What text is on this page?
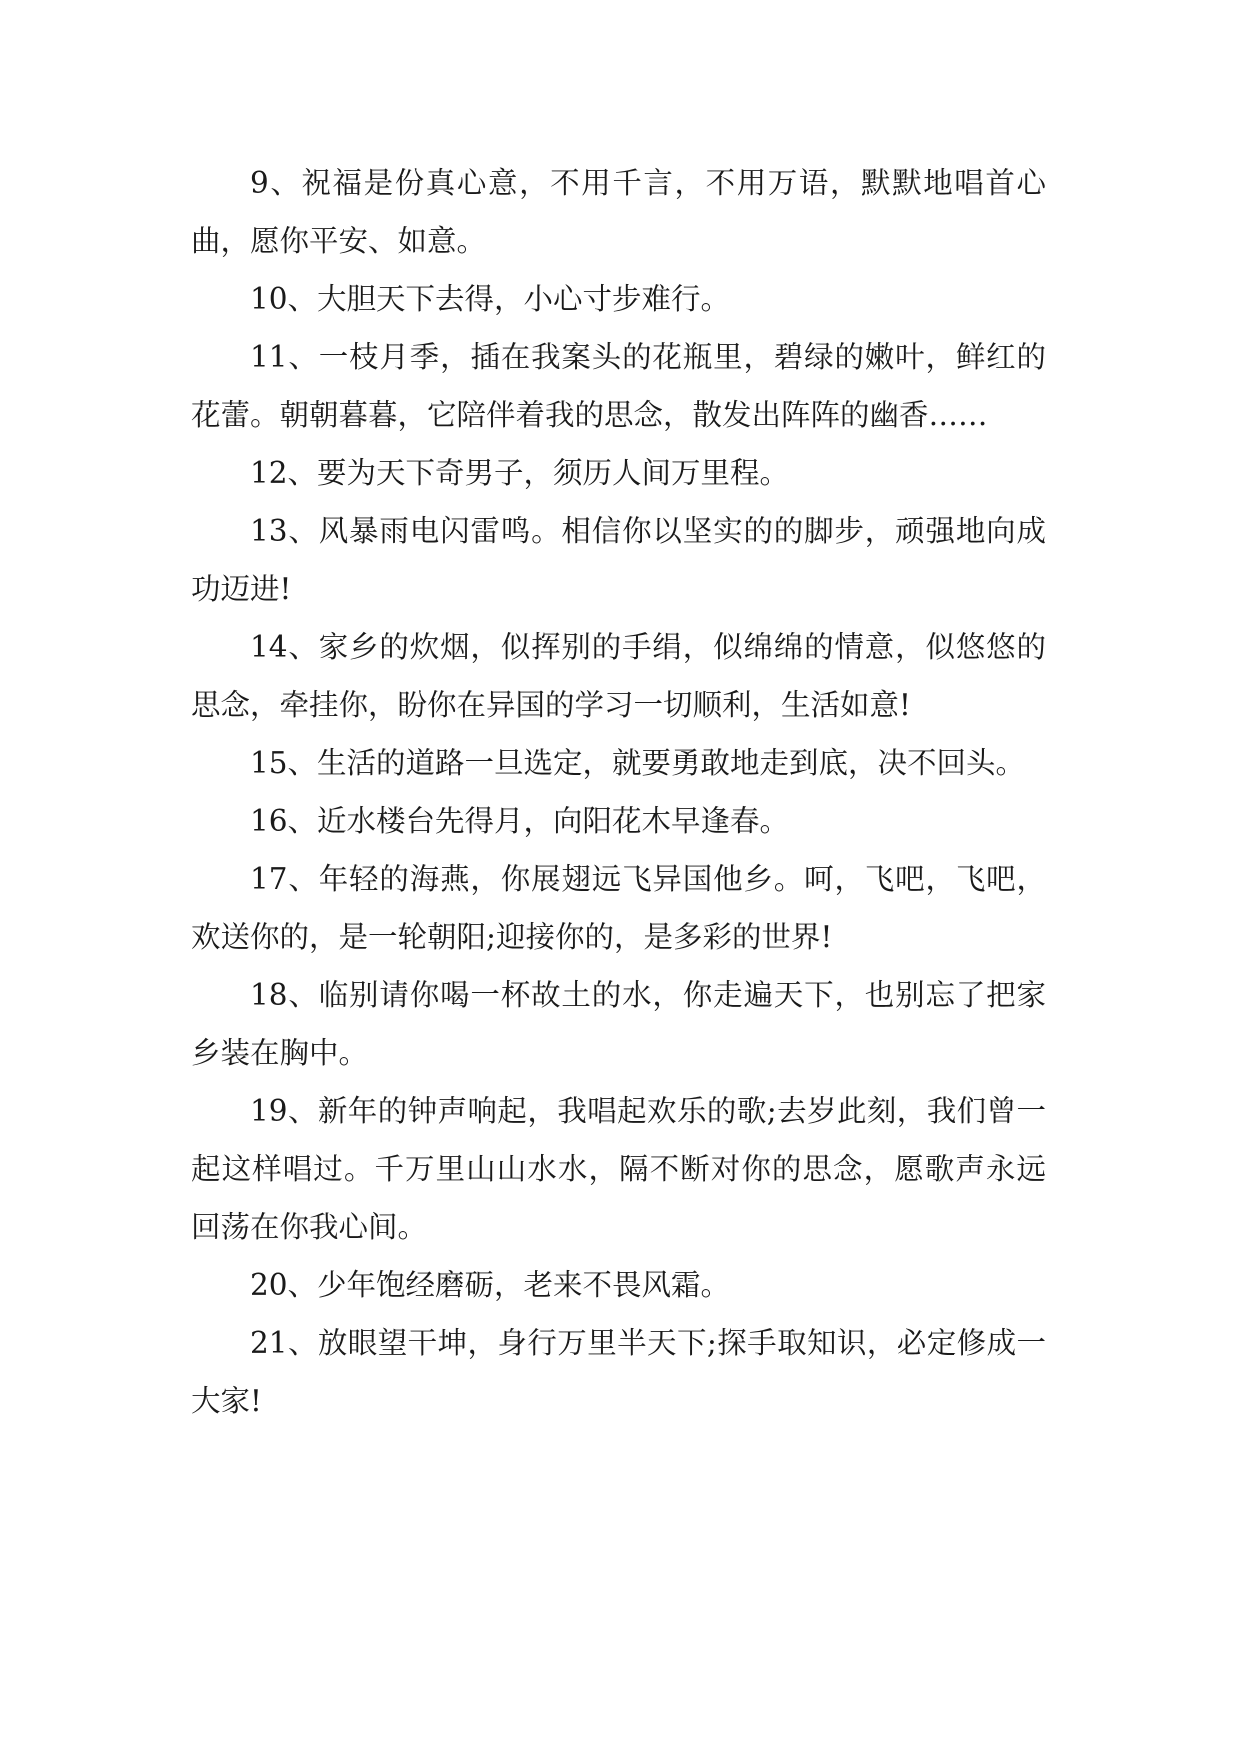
9、祝福是份真心意，不用千言，不用万语，默默地唱首心曲，愿你平安、如意。

10、大胆天下去得，小心寸步难行。

11、一枝月季，插在我案头的花瓶里，碧绿的嫩叶，鲜红的花蕾。朝朝暮暮，它陪伴着我的思念，散发出阵阵的幽香……

12、要为天下奇男子，须历人间万里程。

13、风暴雨电闪雷鸣。相信你以坚实的的脚步，顽强地向成功迈进!

14、家乡的炊烟，似挥别的手绢，似绵绵的情意，似悠悠的思念，牵挂你，盼你在异国的学习一切顺利，生活如意!

15、生活的道路一旦选定，就要勇敢地走到底，决不回头。

16、近水楼台先得月，向阳花木早逢春。

17、年轻的海燕，你展翅远飞异国他乡。呵，飞吧，飞吧，欢送你的，是一轮朝阳;迎接你的，是多彩的世界!

18、临别请你喝一杯故土的水，你走遍天下，也别忘了把家乡装在胸中。

19、新年的钟声响起，我唱起欢乐的歌;去岁此刻，我们曾一起这样唱过。千万里山山水水，隔不断对你的思念，愿歌声永远回荡在你我心间。

20、少年饱经磨砺，老来不畏风霜。

21、放眼望干坤，身行万里半天下;探手取知识，必定修成一大家!
